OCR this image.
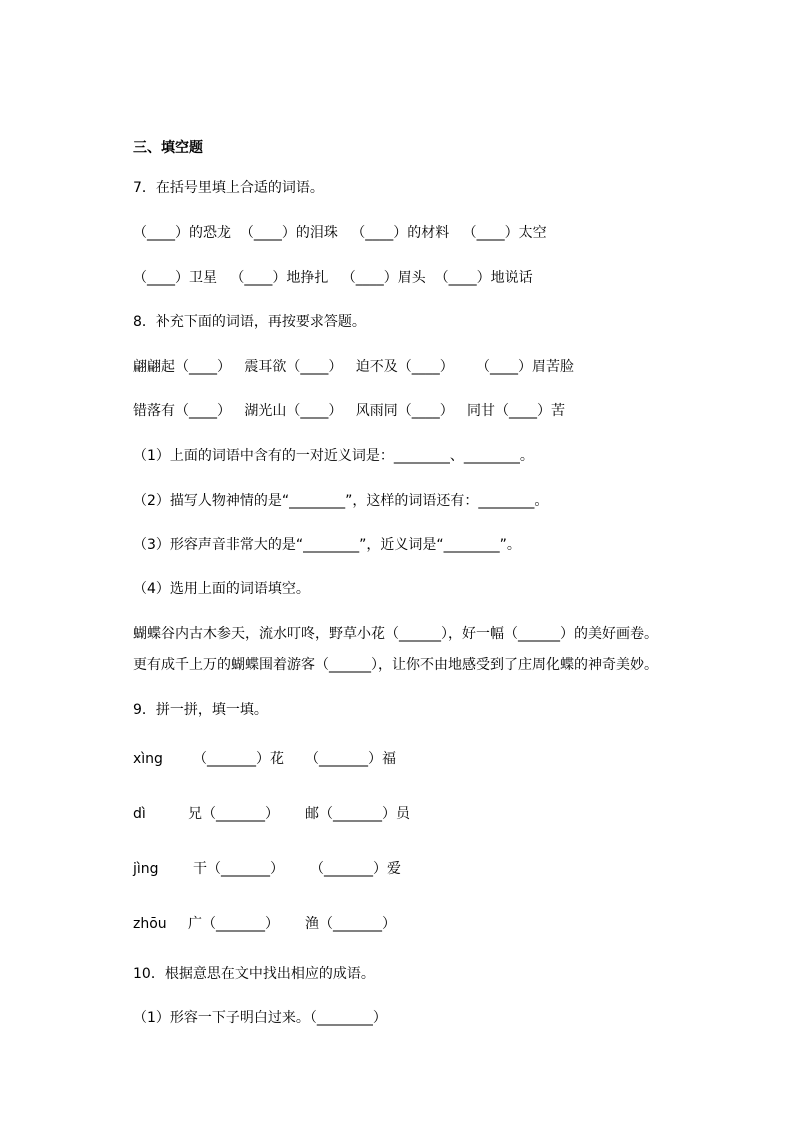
三、填空题
7．在括号里填上合适的词语。
（____）的恐龙  （____）的泪珠   （____）的材料   （____）太空
（____）卫星   （____）地挣扎   （____）眉头  （____）地说话
8．补充下面的词语，再按要求答题。
翩翩起（____）   震耳欲（____）   迫不及（____）     （____）眉苦脸
错落有（____）   湖光山（____）   风雨同（____）   同甘（____）苦
（1）上面的词语中含有的一对近义词是：________、________。
（2）描写人物神情的是“________”，这样的词语还有：________。
（3）形容声音非常大的是“________”，近义词是“________”。
（4）选用上面的词语填空。
蝴蝶谷内古木参天，流水叮咚，野草小花（______），好一幅（______）的美好画卷。
更有成千上万的蝴蝶围着游客（______），让你不由地感受到了庄周化蝶的神奇美妙。
9．拼一拼，填一填。
xìng （_______）花 （_______）福
dì	兄（_______） 邮（_______）员
jìng 干（_______） （_______）爱
zhōu 广（_______） 渔（_______）
10．根据意思在文中找出相应的成语。
（1）形容一下子明白过来。（________）
